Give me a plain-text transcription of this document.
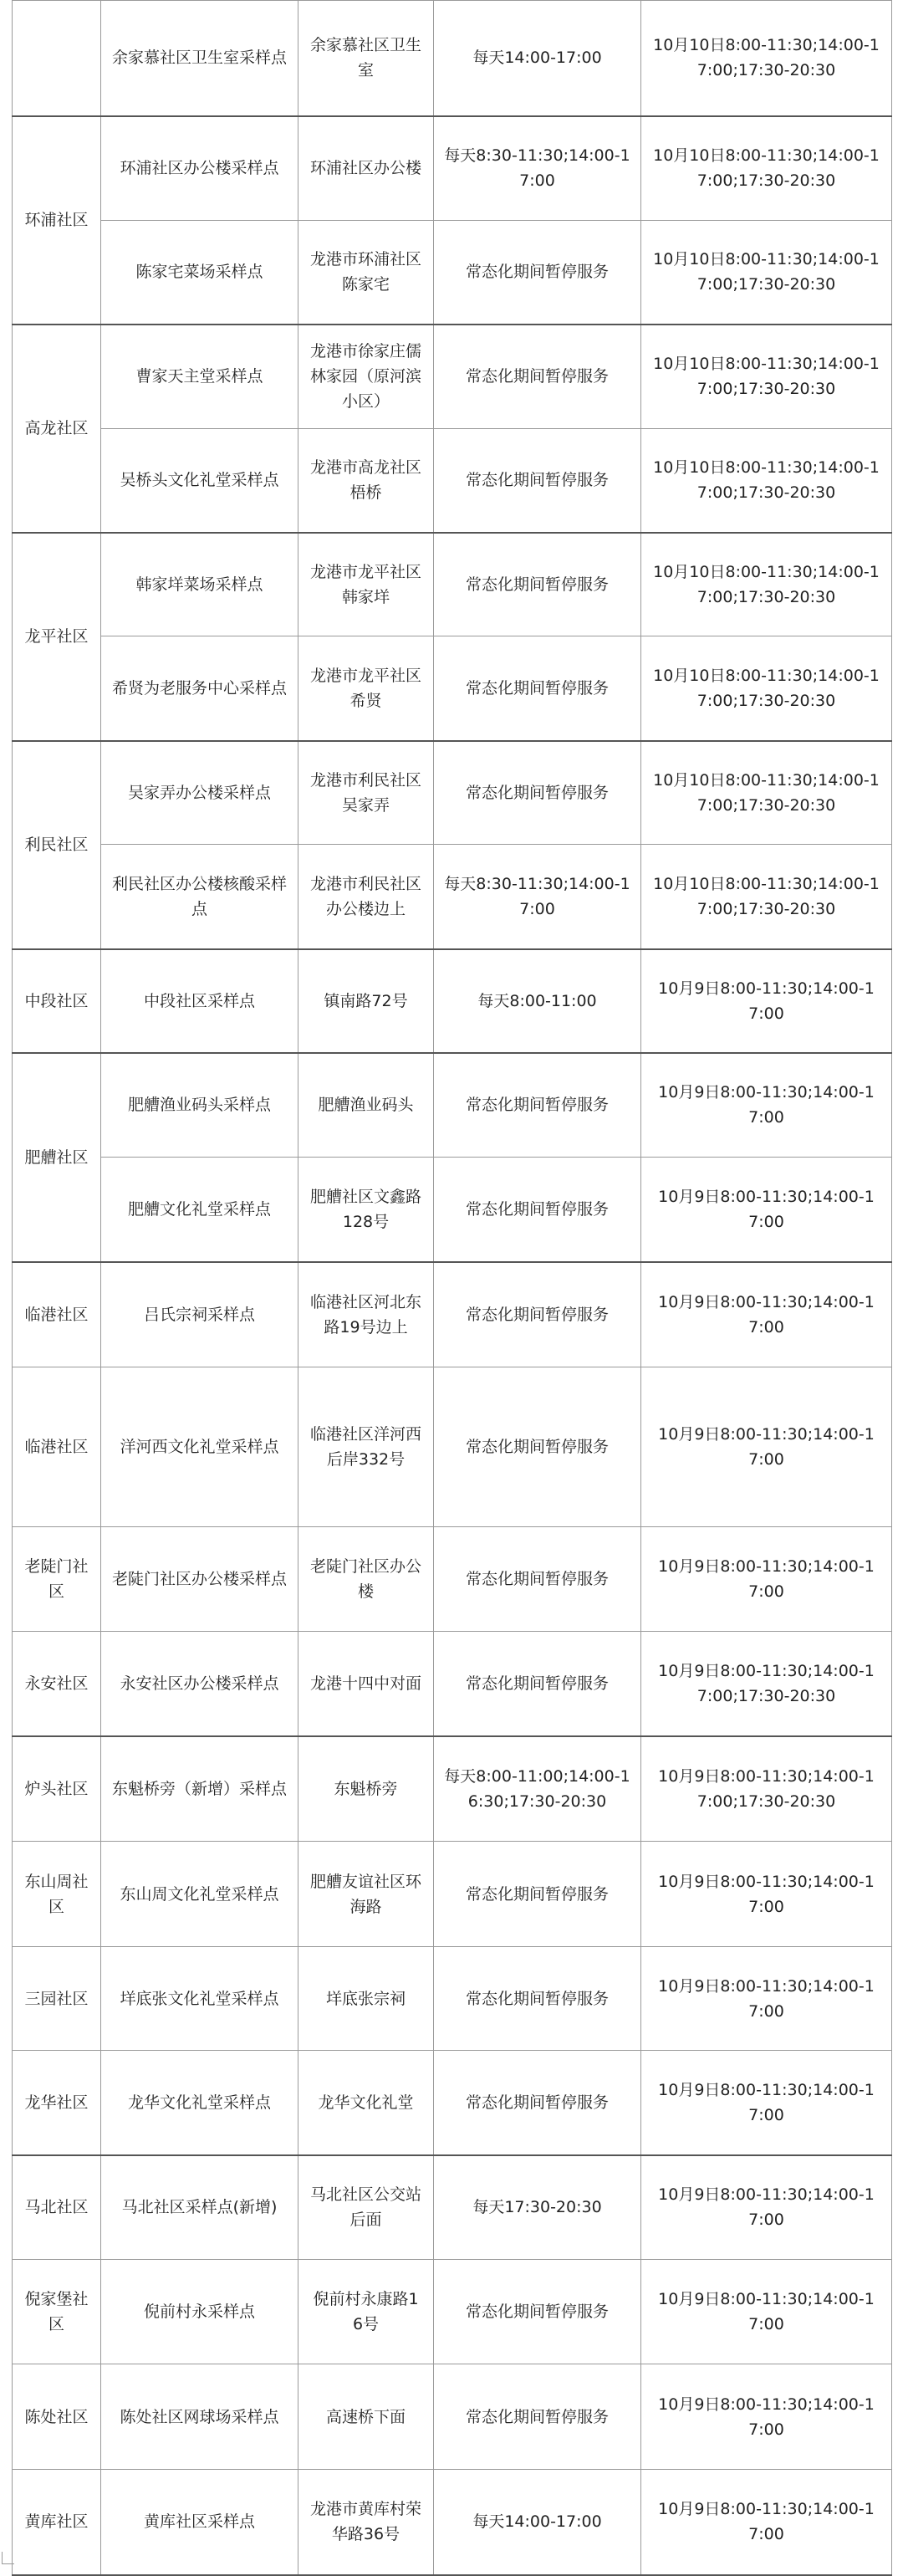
	余家慕社区卫生室采样点	余家慕社区卫生室	每天14:00-17:00	10月10日8:00-11:30;14:00-17:00;17:30-20:30
环浦社区	环浦社区办公楼采样点	环浦社区办公楼	每天8:30-11:30;14:00-17:00	10月10日8:00-11:30;14:00-17:00;17:30-20:30
	陈家宅菜场采样点	龙港市环浦社区陈家宅	常态化期间暂停服务	10月10日8:00-11:30;14:00-17:00;17:30-20:30
高龙社区	曹家天主堂采样点	龙港市徐家庄儒林家园（原河滨小区）	常态化期间暂停服务	10月10日8:00-11:30;14:00-17:00;17:30-20:30
	吴桥头文化礼堂采样点	龙港市高龙社区梧桥	常态化期间暂停服务	10月10日8:00-11:30;14:00-17:00;17:30-20:30
龙平社区	韩家垟菜场采样点	龙港市龙平社区韩家垟	常态化期间暂停服务	10月10日8:00-11:30;14:00-17:00;17:30-20:30
	希贤为老服务中心采样点	龙港市龙平社区希贤	常态化期间暂停服务	10月10日8:00-11:30;14:00-17:00;17:30-20:30
利民社区	吴家弄办公楼采样点	龙港市利民社区吴家弄	常态化期间暂停服务	10月10日8:00-11:30;14:00-17:00;17:30-20:30
	利民社区办公楼核酸采样点	龙港市利民社区办公楼边上	每天8:30-11:30;14:00-17:00	10月10日8:00-11:30;14:00-17:00;17:30-20:30
中段社区	中段社区采样点	镇南路72号	每天8:00-11:00	10月9日8:00-11:30;14:00-17:00
肥艚社区	肥艚渔业码头采样点	肥艚渔业码头	常态化期间暂停服务	10月9日8:00-11:30;14:00-17:00
	肥艚文化礼堂采样点	肥艚社区文鑫路128号	常态化期间暂停服务	10月9日8:00-11:30;14:00-17:00
临港社区	吕氏宗祠采样点	临港社区河北东路19号边上	常态化期间暂停服务	10月9日8:00-11:30;14:00-17:00
临港社区	洋河西文化礼堂采样点	临港社区洋河西后岸332号	常态化期间暂停服务	10月9日8:00-11:30;14:00-17:00
老陡门社区	老陡门社区办公楼采样点	老陡门社区办公楼	常态化期间暂停服务	10月9日8:00-11:30;14:00-17:00
永安社区	永安社区办公楼采样点	龙港十四中对面	常态化期间暂停服务	10月9日8:00-11:30;14:00-17:00;17:30-20:30
炉头社区	东魁桥旁（新增）采样点	东魁桥旁	每天8:00-11:00;14:00-16:30;17:30-20:30	10月9日8:00-11:30;14:00-17:00;17:30-20:30
东山周社区	东山周文化礼堂采样点	肥艚友谊社区环海路	常态化期间暂停服务	10月9日8:00-11:30;14:00-17:00
三园社区	垟底张文化礼堂采样点	垟底张宗祠	常态化期间暂停服务	10月9日8:00-11:30;14:00-17:00
龙华社区	龙华文化礼堂采样点	龙华文化礼堂	常态化期间暂停服务	10月9日8:00-11:30;14:00-17:00
马北社区	马北社区采样点(新增)	马北社区公交站后面	每天17:30-20:30	10月9日8:00-11:30;14:00-17:00
倪家堡社区	倪前村永采样点	倪前村永康路16号	常态化期间暂停服务	10月9日8:00-11:30;14:00-17:00
陈处社区	陈处社区网球场采样点	高速桥下面	常态化期间暂停服务	10月9日8:00-11:30;14:00-17:00
黄库社区	黄库社区采样点	龙港市黄库村荣华路36号	每天14:00-17:00	10月9日8:00-11:30;14:00-17:00
